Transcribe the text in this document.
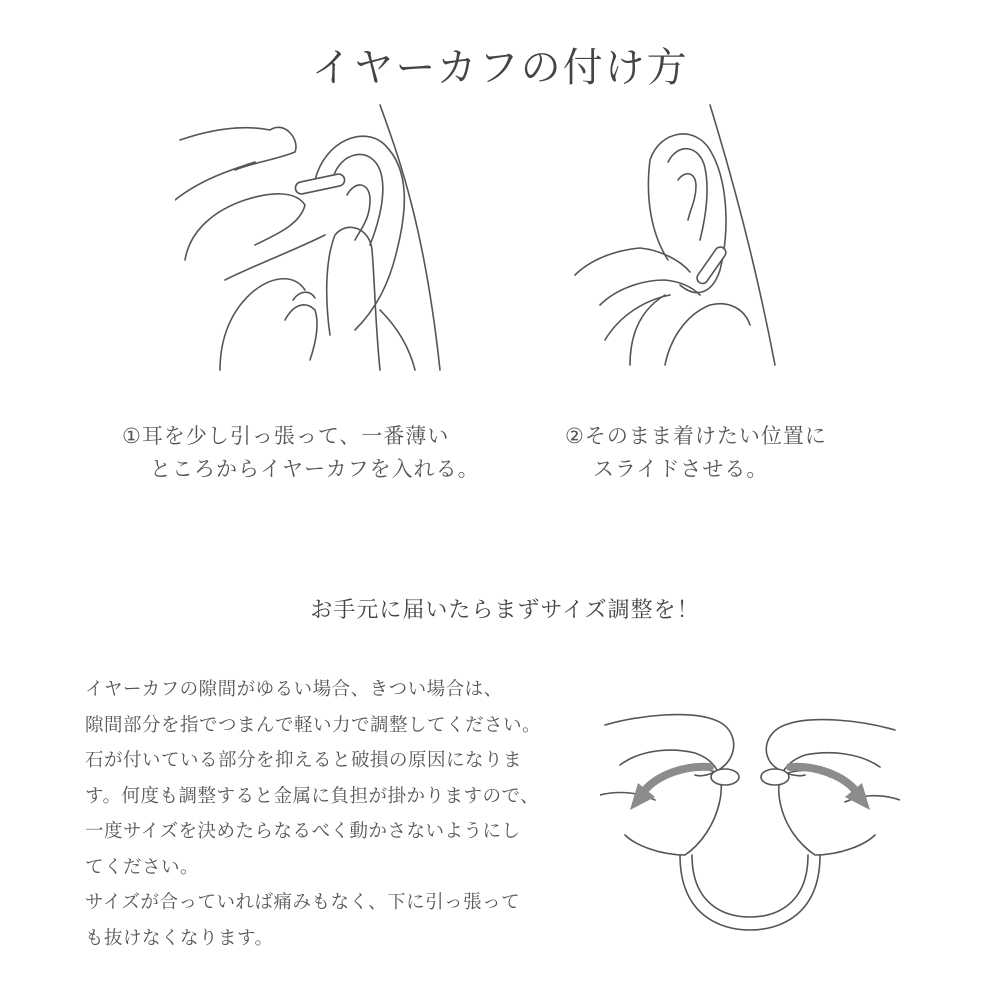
イヤーカフの付け方
①耳を少し引っ張って、一番薄い
ところからイヤーカフを入れる。
②そのまま着けたい位置に
スライドさせる。
お手元に届いたらまずサイズ調整を！
イヤーカフの隙間がゆるい場合、きつい場合は、
隙間部分を指でつまんで軽い力で調整してください。
石が付いている部分を抑えると破損の原因になりま
す。何度も調整すると金属に負担が掛かりますので、
一度サイズを決めたらなるべく動かさないようにし
てください。
サイズが合っていれば痛みもなく、下に引っ張って
も抜けなくなります。
